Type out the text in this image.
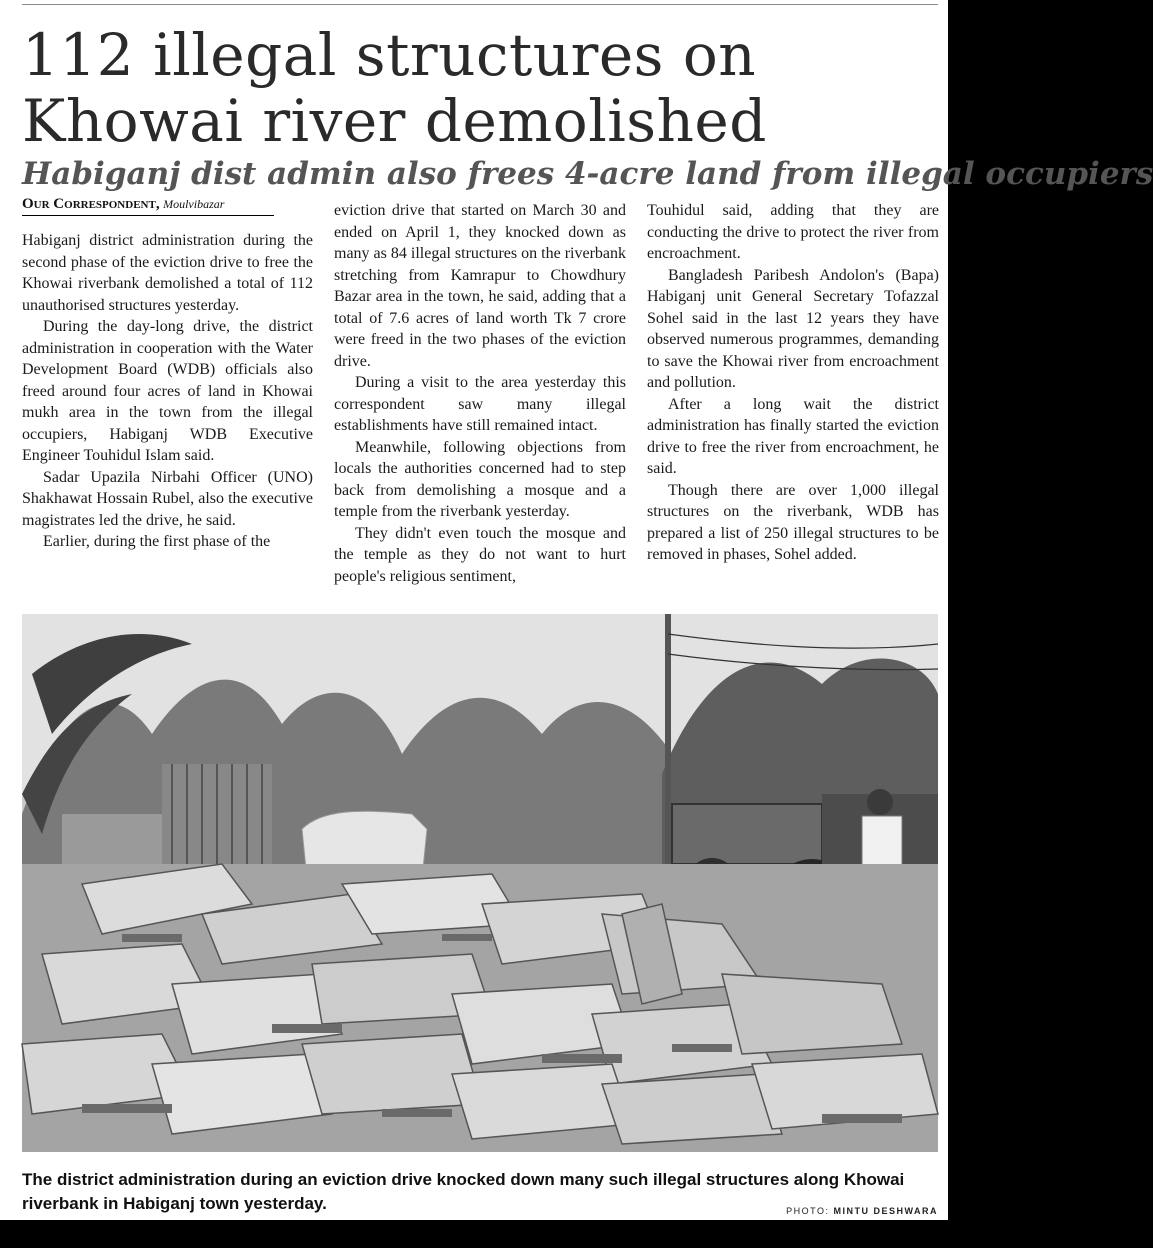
112 illegal structures on Khowai river demolished
Habiganj dist admin also frees 4-acre land from illegal occupiers
Our Correspondent, Moulvibazar

Habiganj district administration during the second phase of the eviction drive to free the Khowai riverbank demolished a total of 112 unauthorised structures yesterday.

During the day-long drive, the district administration in cooperation with the Water Development Board (WDB) officials also freed around four acres of land in Khowai mukh area in the town from the illegal occupiers, Habiganj WDB Executive Engineer Touhidul Islam said.

Sadar Upazila Nirbahi Officer (UNO) Shakhawat Hossain Rubel, also the executive magistrates led the drive, he said.

Earlier, during the first phase of the

eviction drive that started on March 30 and ended on April 1, they knocked down as many as 84 illegal structures on the riverbank stretching from Kamrapur to Chowdhury Bazar area in the town, he said, adding that a total of 7.6 acres of land worth Tk 7 crore were freed in the two phases of the eviction drive.

During a visit to the area yesterday this correspondent saw many illegal establishments have still remained intact.

Meanwhile, following objections from locals the authorities concerned had to step back from demolishing a mosque and a temple from the riverbank yesterday.

They didn't even touch the mosque and the temple as they do not want to hurt people's religious sentiment,

Touhidul said, adding that they are conducting the drive to protect the river from encroachment.

Bangladesh Paribesh Andolon's (Bapa) Habiganj unit General Secretary Tofazzal Sohel said in the last 12 years they have observed numerous programmes, demanding to save the Khowai river from encroachment and pollution.

After a long wait the district administration has finally started the eviction drive to free the river from encroachment, he said.

Though there are over 1,000 illegal structures on the riverbank, WDB has prepared a list of 250 illegal structures to be removed in phases, Sohel added.

The district administration during an eviction drive knocked down many such illegal structures along Khowai riverbank in Habiganj town yesterday.	PHOTO: MINTU DESHWARA
